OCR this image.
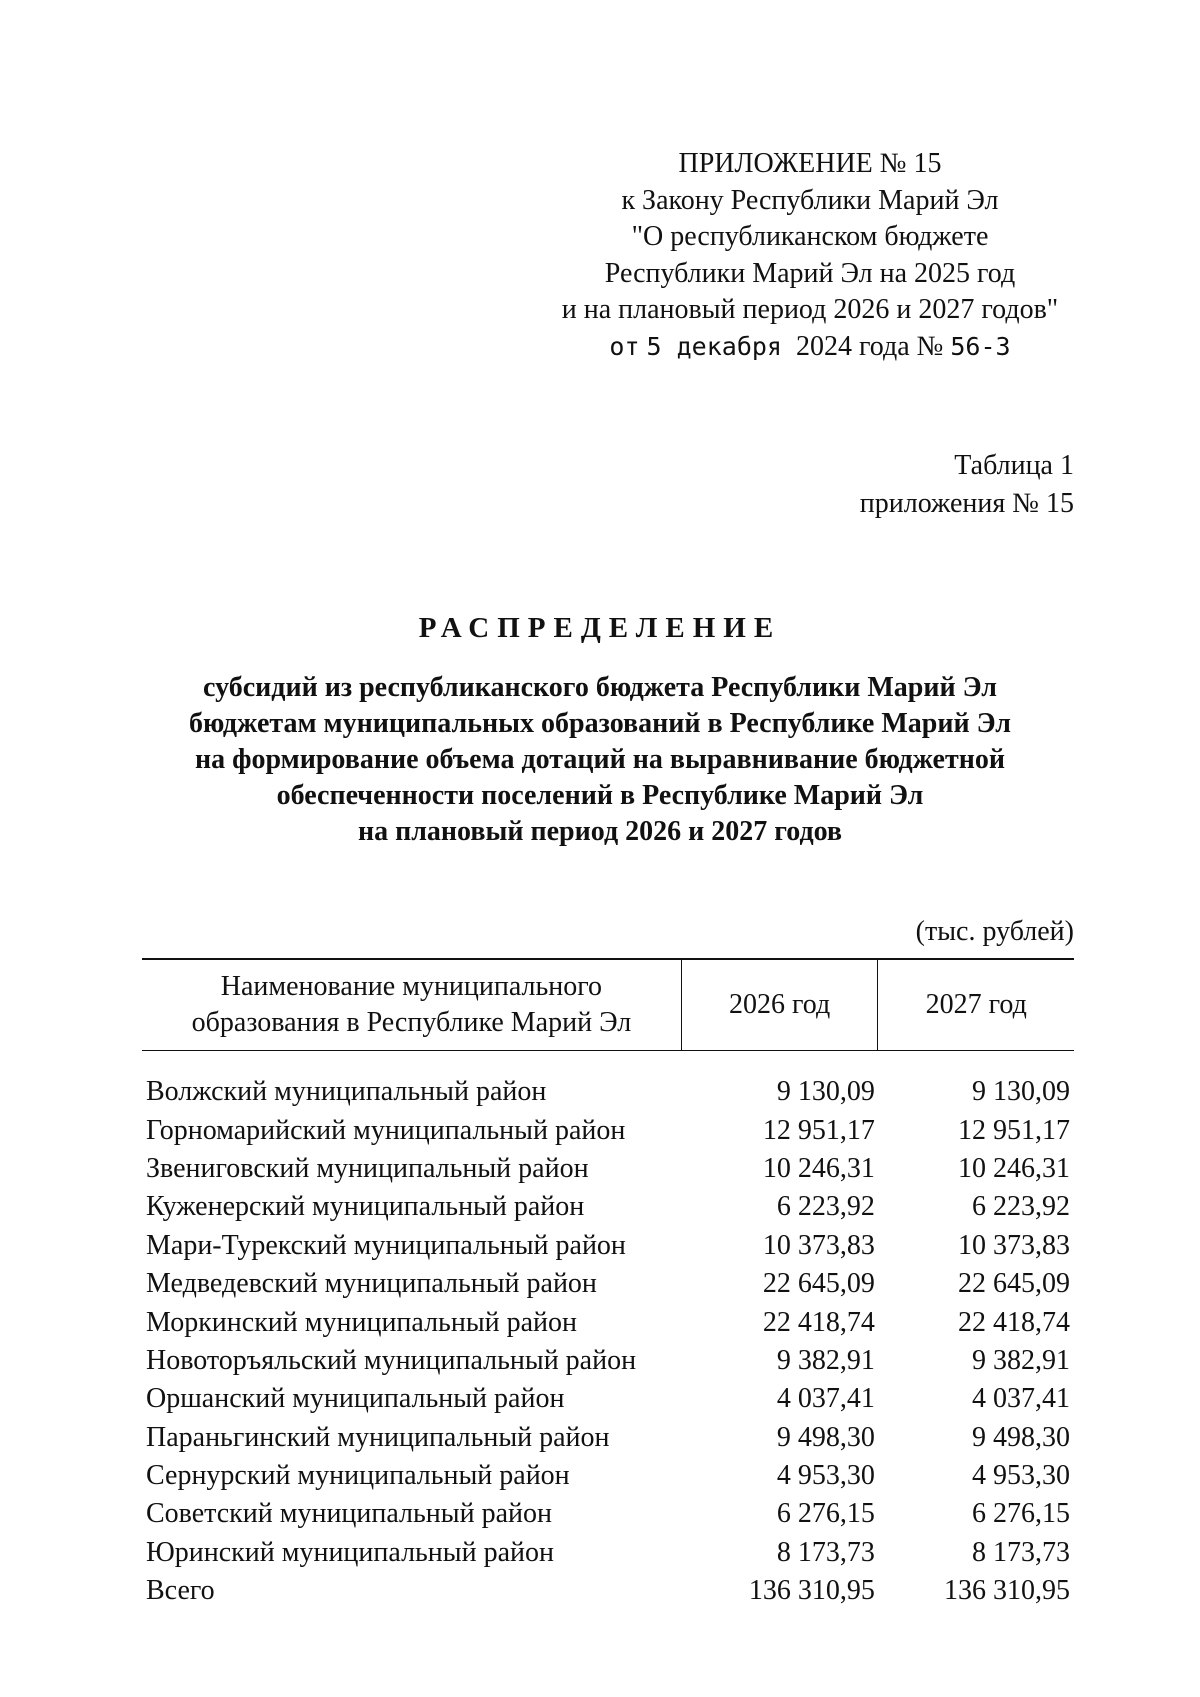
ПРИЛОЖЕНИЕ № 15
к Закону Республики Марий Эл
"О республиканском бюджете
Республики Марий Эл на 2025 год
и на плановый период 2026 и 2027 годов"
от 5 декабря 2024 года № 56-З
Таблица 1
приложения № 15
РАСПРЕДЕЛЕНИЕ
субсидий из республиканского бюджета Республики Марий Эл
бюджетам муниципальных образований в Республике Марий Эл
на формирование объема дотаций на выравнивание бюджетной
обеспеченности поселений в Республике Марий Эл
на плановый период 2026 и 2027 годов
(тыс. рублей)
Наименование муниципального
образования в Республике Марий Эл
2026 год	2027 год
Волжский муниципальный район	9 130,09	9 130,09
Горномарийский муниципальный район	12 951,17	12 951,17
Звениговский муниципальный район	10 246,31	10 246,31
Куженерский муниципальный район	6 223,92	6 223,92
Мари-Турекский муниципальный район	10 373,83	10 373,83
Медведевский муниципальный район	22 645,09	22 645,09
Моркинский муниципальный район	22 418,74	22 418,74
Новоторъяльский муниципальный район	9 382,91	9 382,91
Оршанский муниципальный район	4 037,41	4 037,41
Параньгинский муниципальный район	9 498,30	9 498,30
Сернурский муниципальный район	4 953,30	4 953,30
Советский муниципальный район	6 276,15	6 276,15
Юринский муниципальный район	8 173,73	8 173,73
Всего	136 310,95	136 310,95
